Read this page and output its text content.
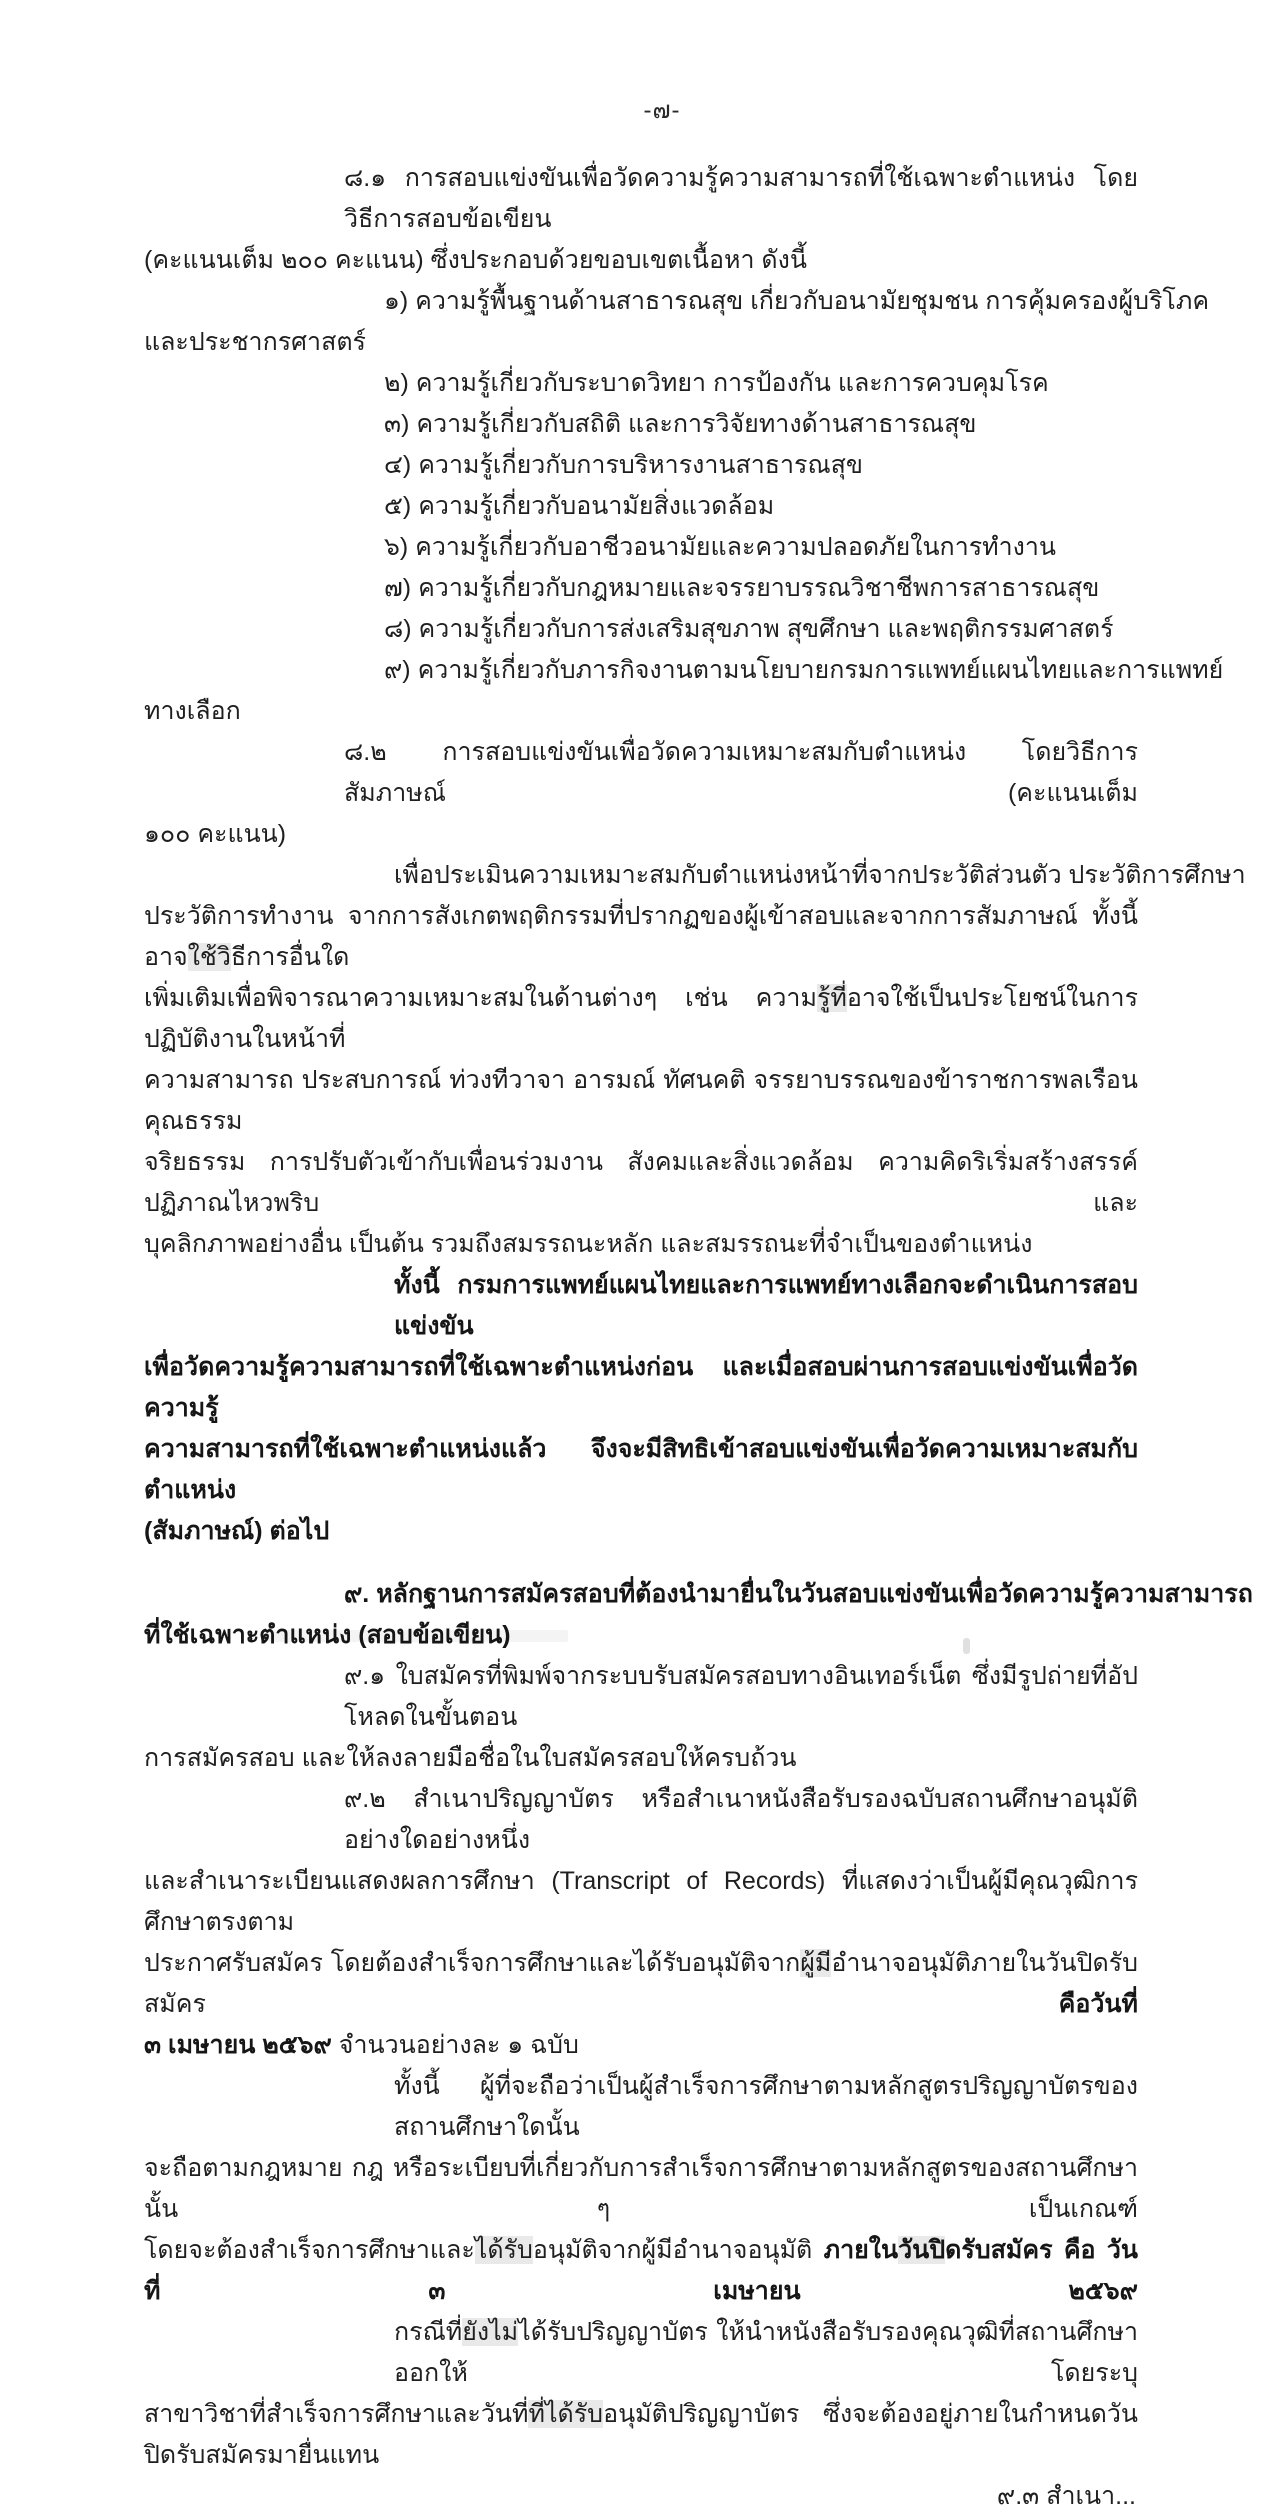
-๗-
๘.๑ การสอบแข่งขันเพื่อวัดความรู้ความสามารถที่ใช้เฉพาะตำแหน่ง โดยวิธีการสอบข้อเขียน
(คะแนนเต็ม ๒๐๐ คะแนน) ซึ่งประกอบด้วยขอบเขตเนื้อหา ดังนี้
๑) ความรู้พื้นฐานด้านสาธารณสุข เกี่ยวกับอนามัยชุมชน การคุ้มครองผู้บริโภค
และประชากรศาสตร์
๒) ความรู้เกี่ยวกับระบาดวิทยา การป้องกัน และการควบคุมโรค
๓) ความรู้เกี่ยวกับสถิติ และการวิจัยทางด้านสาธารณสุข
๔) ความรู้เกี่ยวกับการบริหารงานสาธารณสุข
๕) ความรู้เกี่ยวกับอนามัยสิ่งแวดล้อม
๖) ความรู้เกี่ยวกับอาชีวอนามัยและความปลอดภัยในการทำงาน
๗) ความรู้เกี่ยวกับกฎหมายและจรรยาบรรณวิชาชีพการสาธารณสุข
๘) ความรู้เกี่ยวกับการส่งเสริมสุขภาพ สุขศึกษา และพฤติกรรมศาสตร์
๙) ความรู้เกี่ยวกับภารกิจงานตามนโยบายกรมการแพทย์แผนไทยและการแพทย์
ทางเลือก
๘.๒ การสอบแข่งขันเพื่อวัดความเหมาะสมกับตำแหน่ง โดยวิธีการสัมภาษณ์ (คะแนนเต็ม
๑๐๐ คะแนน)
เพื่อประเมินความเหมาะสมกับตำแหน่งหน้าที่จากประวัติส่วนตัว ประวัติการศึกษา
ประวัติการทำงาน จากการสังเกตพฤติกรรมที่ปรากฏของผู้เข้าสอบและจากการสัมภาษณ์ ทั้งนี้ อาจใช้วิธีการอื่นใด
เพิ่มเติมเพื่อพิจารณาความเหมาะสมในด้านต่างๆ เช่น ความรู้ที่อาจใช้เป็นประโยชน์ในการปฏิบัติงานในหน้าที่
ความสามารถ ประสบการณ์ ท่วงทีวาจา อารมณ์ ทัศนคติ จรรยาบรรณของข้าราชการพลเรือน คุณธรรม
จริยธรรม การปรับตัวเข้ากับเพื่อนร่วมงาน สังคมและสิ่งแวดล้อม ความคิดริเริ่มสร้างสรรค์ ปฏิภาณไหวพริบ และ
บุคลิกภาพอย่างอื่น เป็นต้น รวมถึงสมรรถนะหลัก และสมรรถนะที่จำเป็นของตำแหน่ง
ทั้งนี้ กรมการแพทย์แผนไทยและการแพทย์ทางเลือกจะดำเนินการสอบแข่งขัน
เพื่อวัดความรู้ความสามารถที่ใช้เฉพาะตำแหน่งก่อน และเมื่อสอบผ่านการสอบแข่งขันเพื่อวัดความรู้
ความสามารถที่ใช้เฉพาะตำแหน่งแล้ว จึงจะมีสิทธิเข้าสอบแข่งขันเพื่อวัดความเหมาะสมกับตำแหน่ง
(สัมภาษณ์) ต่อไป
๙. หลักฐานการสมัครสอบที่ต้องนำมายื่นในวันสอบแข่งขันเพื่อวัดความรู้ความสามารถ
ที่ใช้เฉพาะตำแหน่ง (สอบข้อเขียน)
๙.๑ ใบสมัครที่พิมพ์จากระบบรับสมัครสอบทางอินเทอร์เน็ต ซึ่งมีรูปถ่ายที่อัปโหลดในขั้นตอน
การสมัครสอบ และให้ลงลายมือชื่อในใบสมัครสอบให้ครบถ้วน
๙.๒ สำเนาปริญญาบัตร หรือสำเนาหนังสือรับรองฉบับสถานศึกษาอนุมัติ อย่างใดอย่างหนึ่ง
และสำเนาระเบียนแสดงผลการศึกษา (Transcript of Records) ที่แสดงว่าเป็นผู้มีคุณวุฒิการศึกษาตรงตาม
ประกาศรับสมัคร โดยต้องสำเร็จการศึกษาและได้รับอนุมัติจากผู้มีอำนาจอนุมัติภายในวันปิดรับสมัคร คือวันที่
๓ เมษายน ๒๕๖๙ จำนวนอย่างละ ๑ ฉบับ
ทั้งนี้ ผู้ที่จะถือว่าเป็นผู้สำเร็จการศึกษาตามหลักสูตรปริญญาบัตรของสถานศึกษาใดนั้น
จะถือตามกฎหมาย กฎ หรือระเบียบที่เกี่ยวกับการสำเร็จการศึกษาตามหลักสูตรของสถานศึกษานั้น ๆ เป็นเกณฑ์
โดยจะต้องสำเร็จการศึกษาและได้รับอนุมัติจากผู้มีอำนาจอนุมัติ ภายในวันปิดรับสมัคร คือ วันที่ ๓ เมษายน ๒๕๖๙
กรณีที่ยังไม่ได้รับปริญญาบัตร ให้นำหนังสือรับรองคุณวุฒิที่สถานศึกษาออกให้ โดยระบุ
สาขาวิชาที่สำเร็จการศึกษาและวันที่ที่ได้รับอนุมัติปริญญาบัตร ซึ่งจะต้องอยู่ภายในกำหนดวันปิดรับสมัครมายื่นแทน
๙.๓ สำเนา...
